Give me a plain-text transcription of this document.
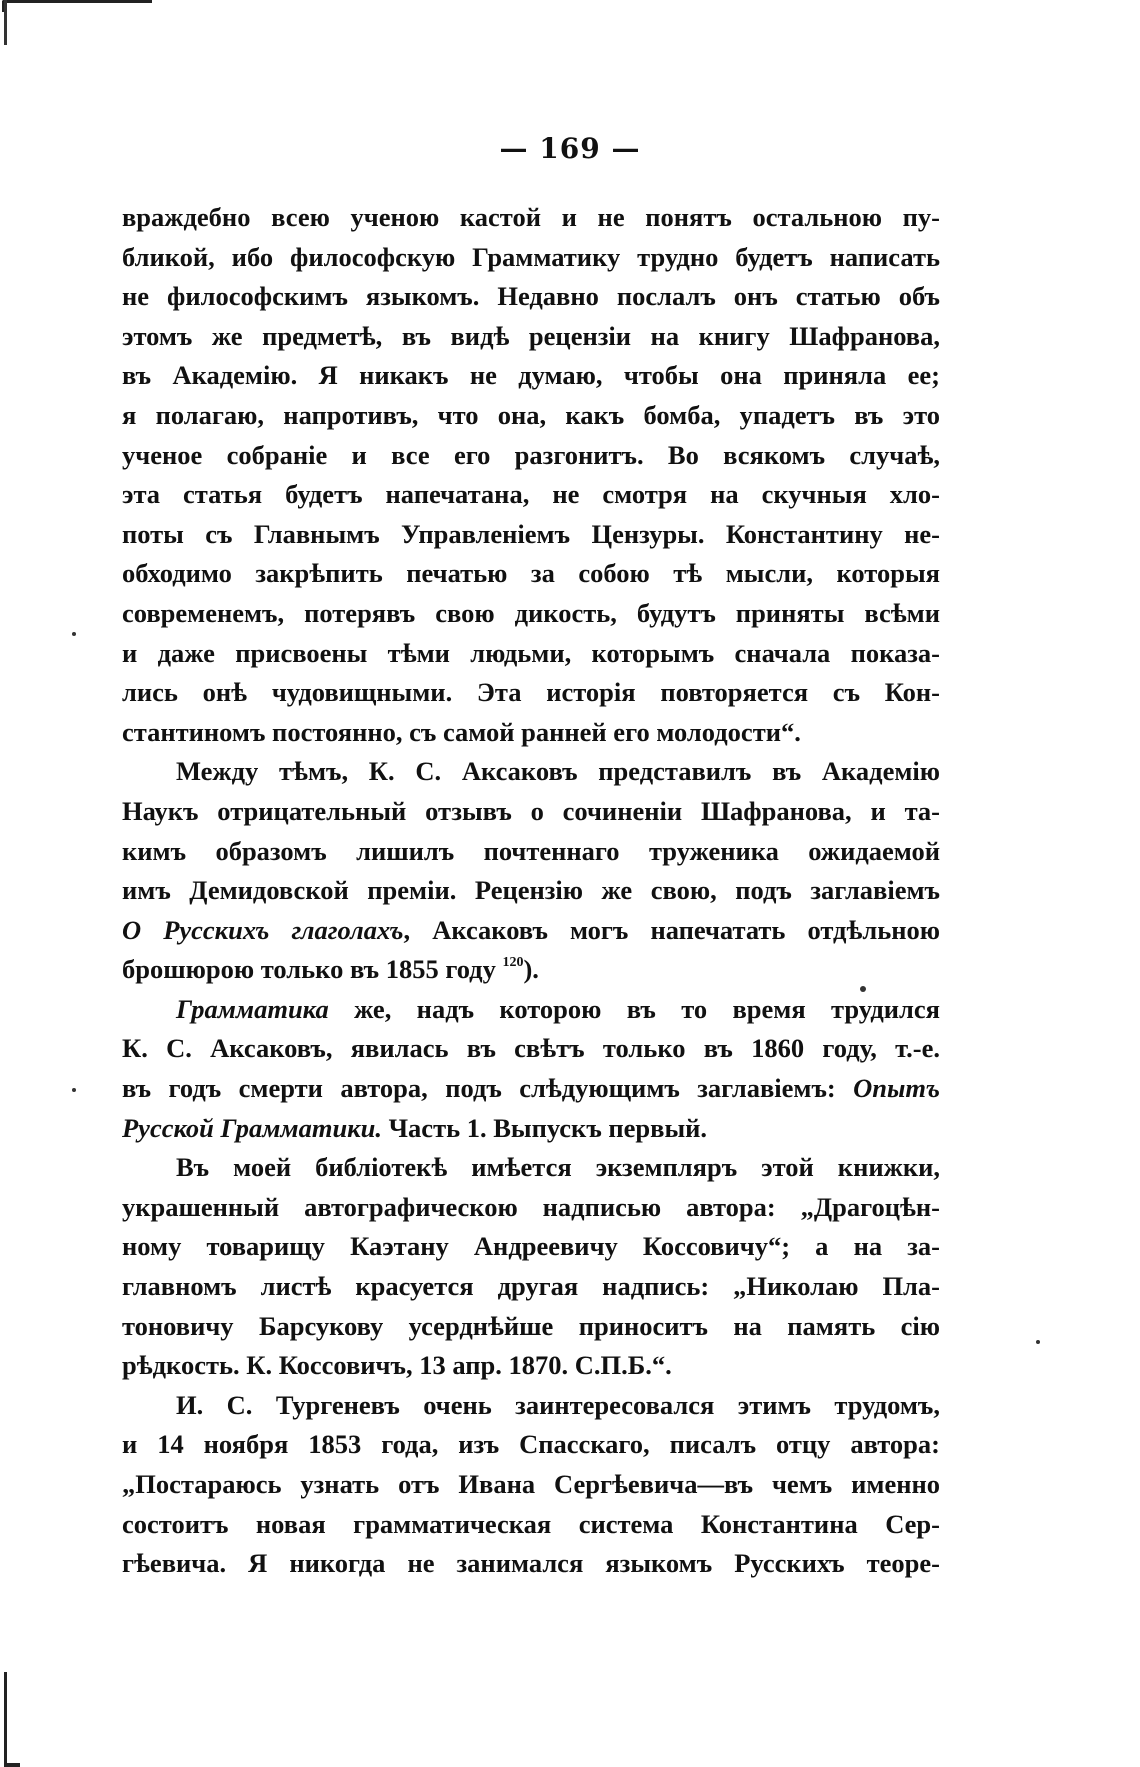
— 169 —
враждебно всею ученою кастой и не понятъ остальною пу-
бликой, ибо философскую Грамматику трудно будетъ написать
не философскимъ языкомъ. Недавно послалъ онъ статью объ
этомъ же предметѣ, въ видѣ рецензіи на книгу Шафранова,
въ Академію. Я никакъ не думаю, чтобы она приняла ее;
я полагаю, напротивъ, что она, какъ бомба, упадетъ въ это
ученое собраніе и все его разгонитъ. Во всякомъ случаѣ,
эта статья будетъ напечатана, не смотря на скучныя хло-
поты съ Главнымъ Управленіемъ Цензуры. Константину не-
обходимо закрѣпить печатью за собою тѣ мысли, которыя
современемъ, потерявъ свою дикость, будутъ приняты всѣми
и даже присвоены тѣми людьми, которымъ сначала показа-
лись онѣ чудовищными. Эта исторія повторяется съ Кон-
стантиномъ постоянно, съ самой ранней его молодости“.
Между тѣмъ, К. С. Аксаковъ представилъ въ Академію
Наукъ отрицательный отзывъ о сочиненіи Шафранова, и та-
кимъ образомъ лишилъ почтеннаго труженика ожидаемой
имъ Демидовской преміи. Рецензію же свою, подъ заглавіемъ
О Русскихъ глаголахъ, Аксаковъ могъ напечатать отдѣльною
брошюрою только въ 1855 году $^{120}$).
Грамматика же, надъ которою въ то время трудился
К. С. Аксаковъ, явилась въ свѣтъ только въ 1860 году, т.-е.
въ годъ смерти автора, подъ слѣдующимъ заглавіемъ: Опытъ
Русской Грамматики. Часть 1. Выпускъ первый.
Въ моей библіотекѣ имѣется экземпляръ этой книжки,
украшенный автографическою надписью автора: „Драгоцѣн-
ному товарищу Каэтану Андреевичу Коссовичу“; а на за-
главномъ листѣ красуется другая надпись: „Николаю Пла-
тоновичу Барсукову усерднѣйше приноситъ на память сію
рѣдкость. К. Коссовичъ, 13 апр. 1870. С.П.Б.“.
И. С. Тургеневъ очень заинтересовался этимъ трудомъ,
и 14 ноября 1853 года, изъ Спасскаго, писалъ отцу автора:
„Постараюсь узнать отъ Ивана Сергѣевича—въ чемъ именно
состоитъ новая грамматическая система Константина Сер-
гѣевича. Я никогда не занимался языкомъ Русскихъ теоре-
